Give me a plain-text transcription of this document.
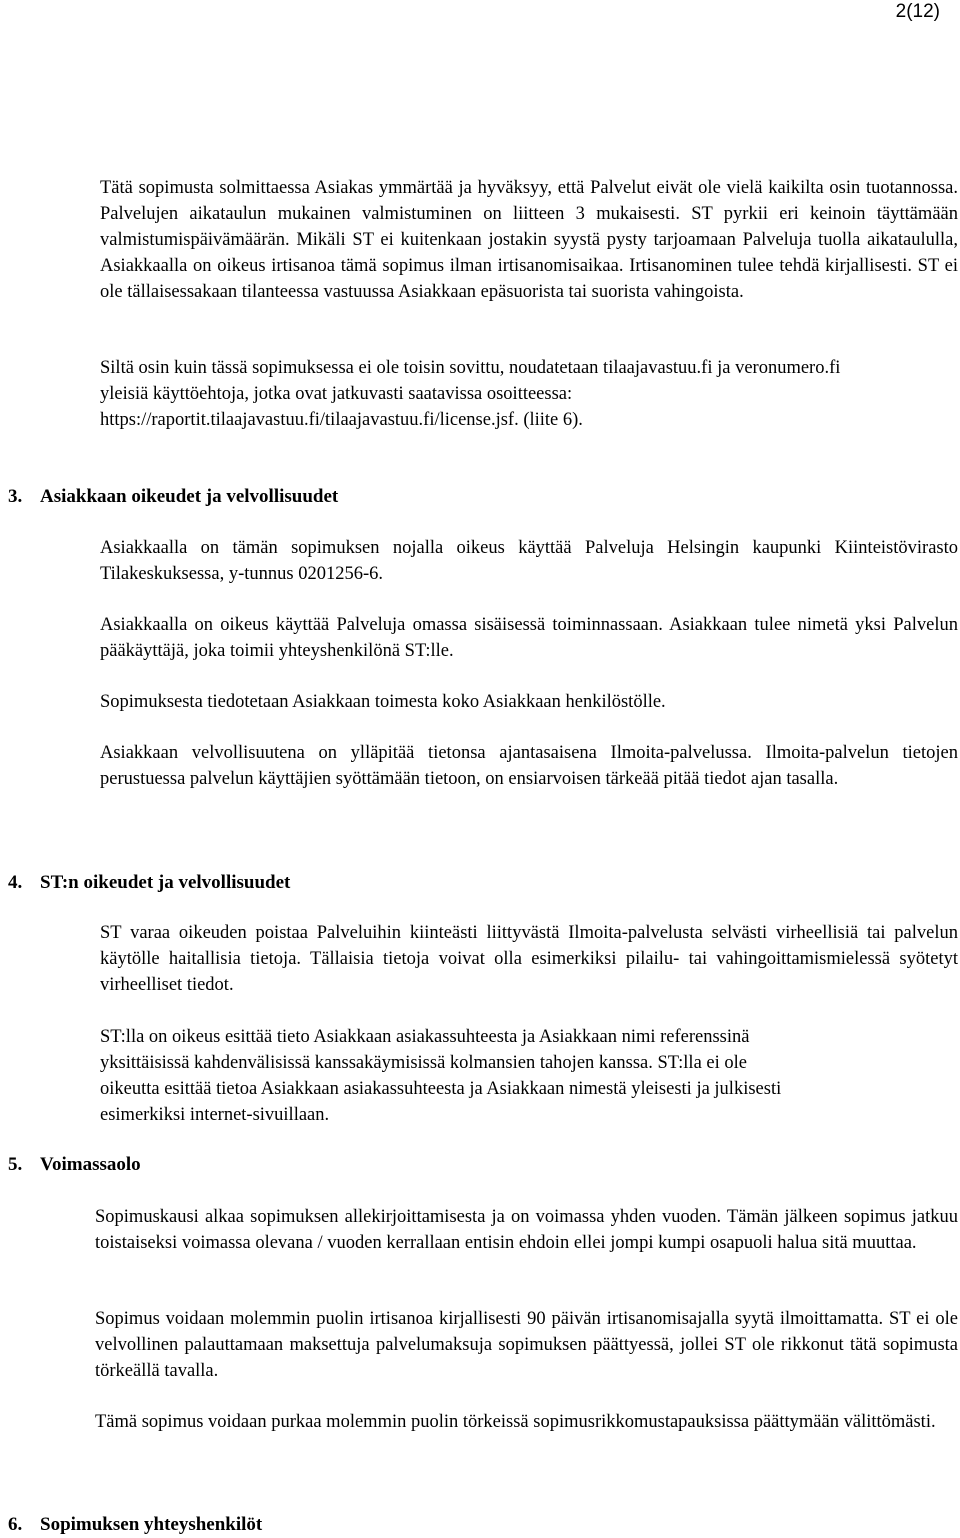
2(12)

Tätä sopimusta solmittaessa Asiakas ymmärtää ja hyväksyy, että Palvelut eivät ole vielä kaikilta osin tuotannossa. Palvelujen aikataulun mukainen valmistuminen on liitteen 3 mukaisesti. ST pyrkii eri keinoin täyttämään valmistumispäivämäärän. Mikäli ST ei kuitenkaan jostakin syystä pysty tarjoamaan Palveluja tuolla aikataululla, Asiakkaalla on oikeus irtisanoa tämä sopimus ilman irtisanomisaikaa. Irtisanominen tulee tehdä kirjallisesti. ST ei ole tällaisessakaan tilanteessa vastuussa Asiakkaan epäsuorista tai suorista vahingoista.

Siltä osin kuin tässä sopimuksessa ei ole toisin sovittu, noudatetaan tilaajavastuu.fi ja veronumero.fi yleisiä käyttöehtoja, jotka ovat jatkuvasti saatavissa osoitteessa: https://raportit.tilaajavastuu.fi/tilaajavastuu.fi/license.jsf. (liite 6).

3. Asiakkaan oikeudet ja velvollisuudet

Asiakkaalla on tämän sopimuksen nojalla oikeus käyttää Palveluja Helsingin kaupunki Kiinteistövirasto Tilakeskuksessa, y-tunnus 0201256-6.

Asiakkaalla on oikeus käyttää Palveluja omassa sisäisessä toiminnassaan. Asiakkaan tulee nimetä yksi Palvelun pääkäyttäjä, joka toimii yhteyshenkilönä ST:lle.

Sopimuksesta tiedotetaan Asiakkaan toimesta koko Asiakkaan henkilöstölle.

Asiakkaan velvollisuutena on ylläpitää tietonsa ajantasaisena Ilmoita-palvelussa. Ilmoita-palvelun tietojen perustuessa palvelun käyttäjien syöttämään tietoon, on ensiarvoisen tärkeää pitää tiedot ajan tasalla.

4. ST:n oikeudet ja velvollisuudet

ST varaa oikeuden poistaa Palveluihin kiinteästi liittyvästä Ilmoita-palvelusta selvästi virheellisiä tai palvelun käytölle haitallisia tietoja. Tällaisia tietoja voivat olla esimerkiksi pilailu- tai vahingoittamismielessä syötetyt virheelliset tiedot.

ST:lla on oikeus esittää tieto Asiakkaan asiakassuhteesta ja Asiakkaan nimi referenssinä
yksittäisissä kahdenvälisissä kanssakäymisissä kolmansien tahojen kanssa. ST:lla ei ole
oikeutta esittää tietoa Asiakkaan asiakassuhteesta ja Asiakkaan nimestä yleisesti ja julkisesti
esimerkiksi internet-sivuillaan.
5. Voimassaolo

Sopimuskausi alkaa sopimuksen allekirjoittamisesta ja on voimassa yhden vuoden. Tämän jälkeen sopimus jatkuu toistaiseksi voimassa olevana / vuoden kerrallaan entisin ehdoin ellei jompi kumpi osapuoli halua sitä muuttaa.

Sopimus voidaan molemmin puolin irtisanoa kirjallisesti 90 päivän irtisanomisajalla syytä ilmoittamatta. ST ei ole velvollinen palauttamaan maksettuja palvelumaksuja sopimuksen päättyessä, jollei ST ole rikkonut tätä sopimusta törkeällä tavalla.

Tämä sopimus voidaan purkaa molemmin puolin törkeissä sopimusrikkomustapauksissa päättymään välittömästi.

6. Sopimuksen yhteyshenkilöt
